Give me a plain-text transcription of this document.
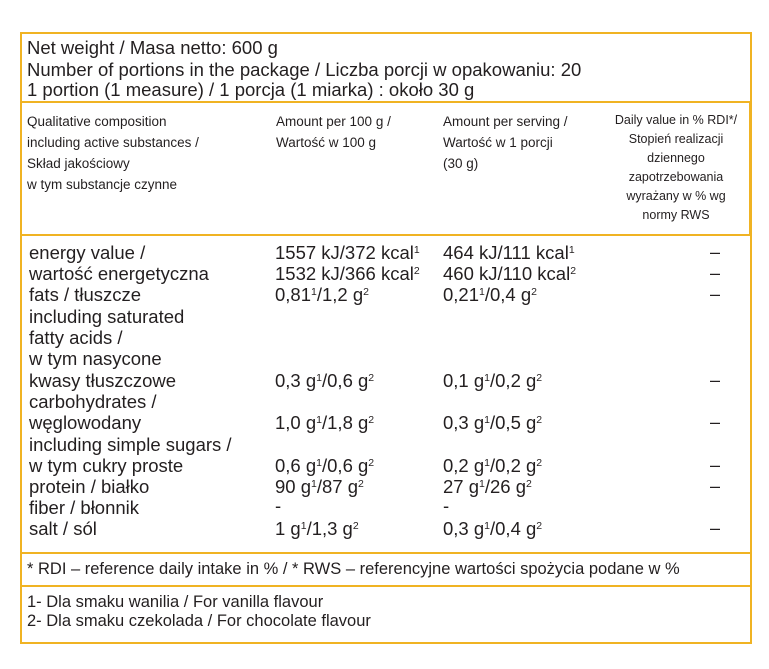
Net weight / Masa netto: 600 g
Number of portions in the package / Liczba porcji w opakowaniu: 20
1 portion (1 measure) / 1 porcja (1 miarka) : około 30 g
Qualitative composition
including active substances /
Skład jakościowy
w tym substancje czynne
Amount per 100 g /
Wartość w 100 g
Amount per serving /
Wartość w 1 porcji
(30 g)
Daily value in % RDI*/
Stopień realizacji
dziennego
zapotrzebowania
wyrażany w % wg
normy RWS
energy value /
wartość energetyczna
fats / tłuszcze
including saturated
fatty acids /
w tym nasycone
kwasy tłuszczowe
carbohydrates /
węglowodany
including simple sugars /
w tym cukry proste
protein / białko
fiber / błonnik
salt / sól
1557 kJ/372 kcal$^1$
1532 kJ/366 kcal$^2$
0,81$^1$/1,2 $g^2$
0,3 $g^1/0,6$ $g^2$
1,0 $g^1/1,8$ $g^2$
0,6 $g^1/0,6$ $g^2$
90 $g^1/87$ $g^2$
-
1 $g^1/1,3$ $g^2$
464 kJ/111 kcal$^1$
460 kJ/110 kcal$^2$
0,21$^1$/0,4 $g^2$
0,1 $g^1/0,2$ $g^2$
0,3 $g^1/0,5$ $g^2$
0,2 $g^1/0,2$ $g^2$
27 $g^1/26$ $g^2$
-
0,3 $g^1/0,4$ $g^2$
–
–
–
–
–
–
–
–
* RDI – reference daily intake in % / * RWS – referencyjne wartości spożycia podane w %
1- Dla smaku wanilia / For vanilla flavour
2- Dla smaku czekolada / For chocolate flavour
